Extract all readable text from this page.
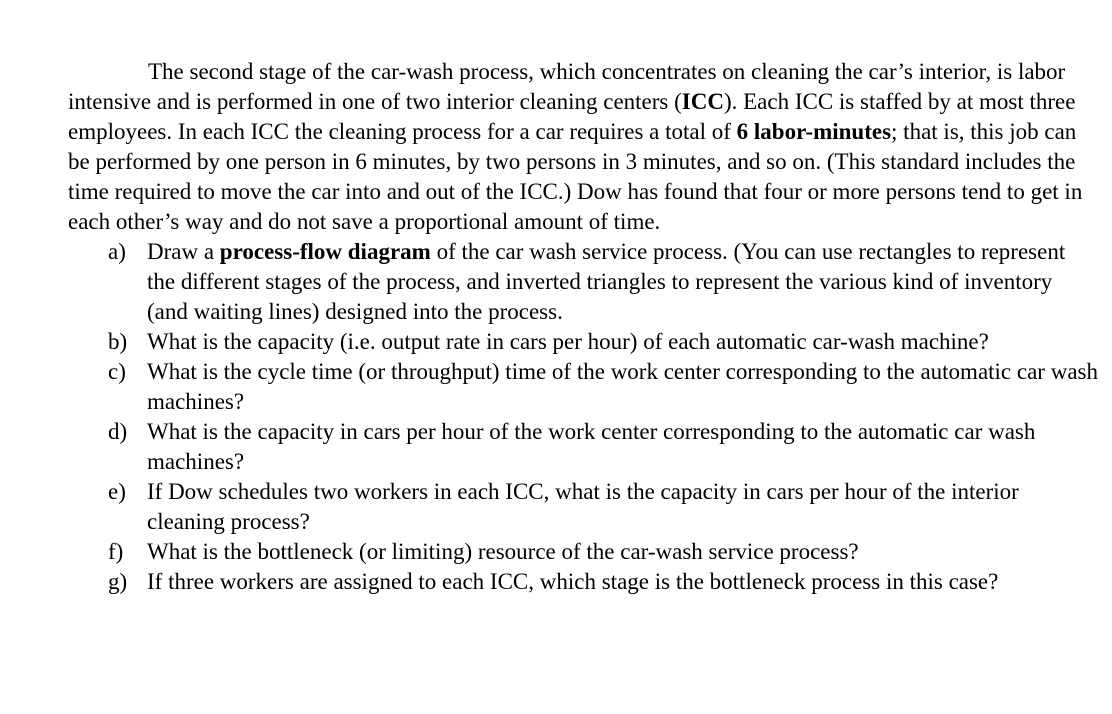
The second stage of the car-wash process, which concentrates on cleaning the car’s interior, is labor intensive and is performed in one of two interior cleaning centers (ICC). Each ICC is staffed by at most three employees. In each ICC the cleaning process for a car requires a total of 6 labor-minutes; that is, this job can be performed by one person in 6 minutes, by two persons in 3 minutes, and so on. (This standard includes the time required to move the car into and out of the ICC.) Dow has found that four or more persons tend to get in each other’s way and do not save a proportional amount of time.

a) Draw a process-flow diagram of the car wash service process. (You can use rectangles to represent the different stages of the process, and inverted triangles to represent the various kind of inventory (and waiting lines) designed into the process.
b) What is the capacity (i.e. output rate in cars per hour) of each automatic car-wash machine?
c) What is the cycle time (or throughput) time of the work center corresponding to the automatic car wash machines?
d) What is the capacity in cars per hour of the work center corresponding to the automatic car wash machines?
e) If Dow schedules two workers in each ICC, what is the capacity in cars per hour of the interior cleaning process?
f) What is the bottleneck (or limiting) resource of the car-wash service process?
g) If three workers are assigned to each ICC, which stage is the bottleneck process in this case?
